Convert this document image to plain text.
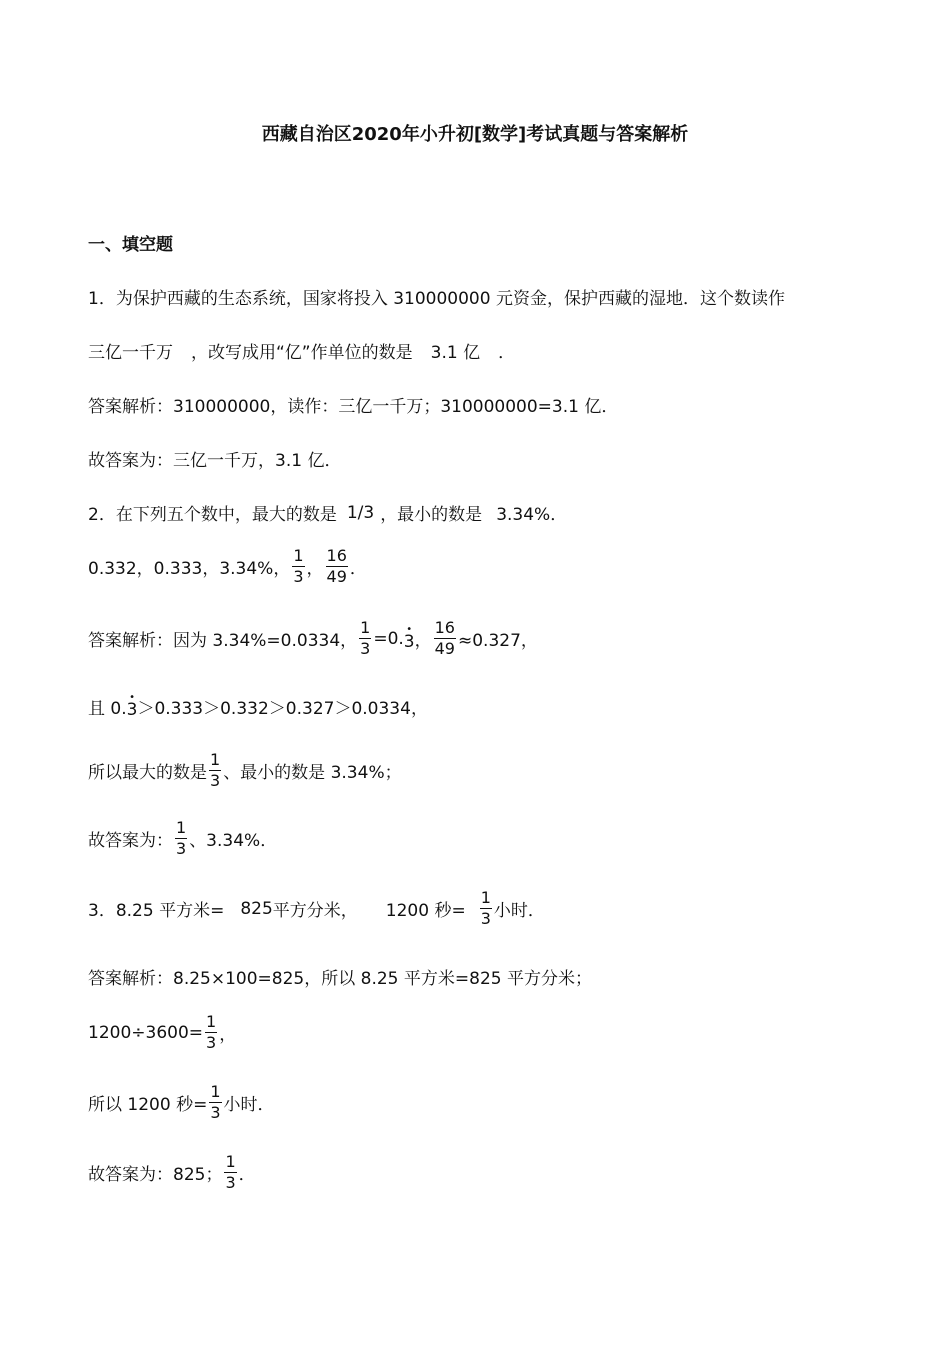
西藏自治区2020年小升初[数学]考试真题与答案解析
一、填空题
1．为保护西藏的生态系统，国家将投入 310000000 元资金，保护西藏的湿地．这个数读作
三亿一千万 ，改写成用“亿”作单位的数是 3.1 亿 ．
答案解析：310000000，读作：三亿一千万；310000000=3.1 亿．
故答案为：三亿一千万，3.1 亿．
2．在下列五个数中，最大的数是 1/3 ，最小的数是 3.34%．
0.332，0.333，3.34%， $\frac{1}{3}$ ， $\frac{16}{49}$ ．
答案解析：因为 3.34%=0.0334， $\frac{1}{3} =0$. •
3 ， $\frac{16}{49} \approx 0.327$，
且 0.
•
3 ＞0.333＞0.332＞0.327＞0.0334，
所以最大的数是 $\frac{1}{3}$ 、最小的数是 3.34%；
故答案为： $\frac{1}{3}$ 、3.34%．
3．8.25 平方米= 825 平方分米， 1200 秒= $\frac{1}{3}$ 小时．
答案解析：8.25×100=825，所以 8.25 平方米=825 平方分米；
$1200\div 3600= \frac{1}{3}$ ，
所以 1200 秒= $\frac{1}{3}$ 小时．
故答案为：825； $\frac{1}{3}$ ．
